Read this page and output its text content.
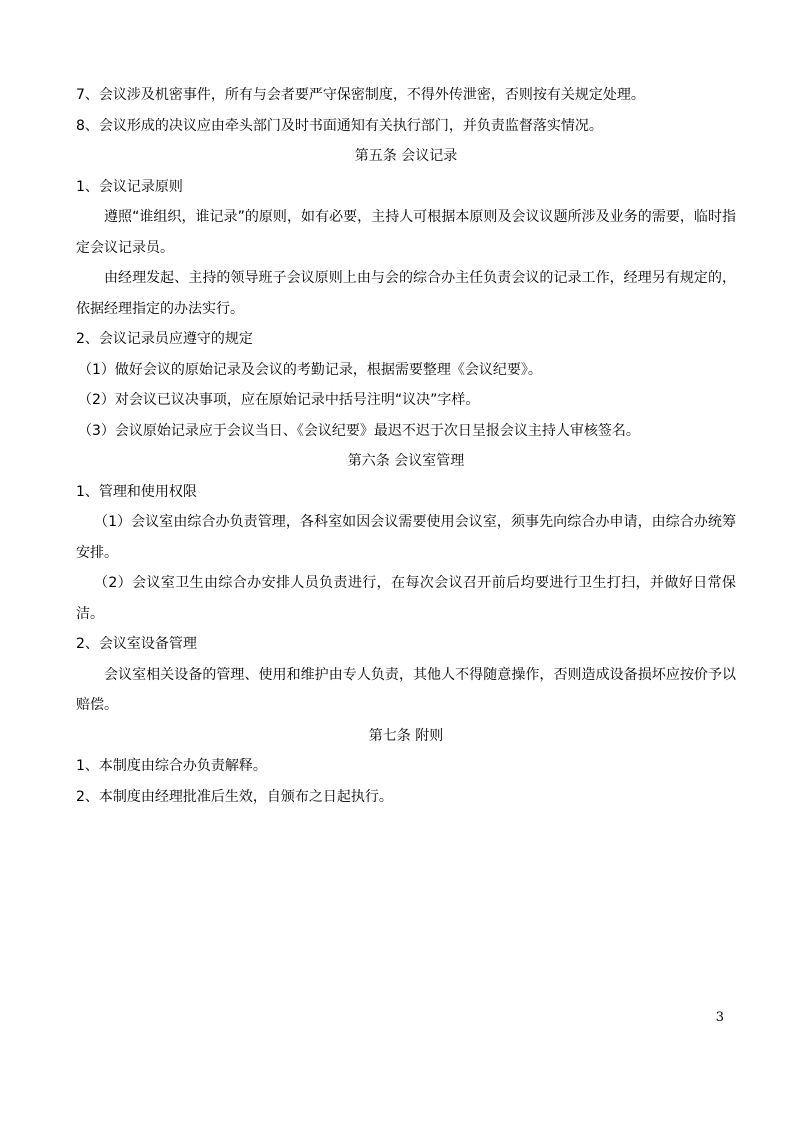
7、会议涉及机密事件，所有与会者要严守保密制度，不得外传泄密，否则按有关规定处理。

8、会议形成的决议应由牵头部门及时书面通知有关执行部门，并负责监督落实情况。

第五条 会议记录

1、会议记录原则

遵照“谁组织，谁记录”的原则，如有必要，主持人可根据本原则及会议议题所涉及业务的需要，临时指定会议记录员。

由经理发起、主持的领导班子会议原则上由与会的综合办主任负责会议的记录工作，经理另有规定的，依据经理指定的办法实行。

2、会议记录员应遵守的规定

（1）做好会议的原始记录及会议的考勤记录，根据需要整理《会议纪要》。

（2）对会议已议决事项，应在原始记录中括号注明“议决”字样。

（3）会议原始记录应于会议当日、《会议纪要》最迟不迟于次日呈报会议主持人审核签名。

第六条 会议室管理

1、管理和使用权限

（1）会议室由综合办负责管理，各科室如因会议需要使用会议室，须事先向综合办申请，由综合办统筹安排。

（2）会议室卫生由综合办安排人员负责进行，在每次会议召开前后均要进行卫生打扫，并做好日常保洁。

2、会议室设备管理

会议室相关设备的管理、使用和维护由专人负责，其他人不得随意操作，否则造成设备损坏应按价予以赔偿。

第七条 附则

1、本制度由综合办负责解释。

2、本制度由经理批准后生效，自颁布之日起执行。

3
